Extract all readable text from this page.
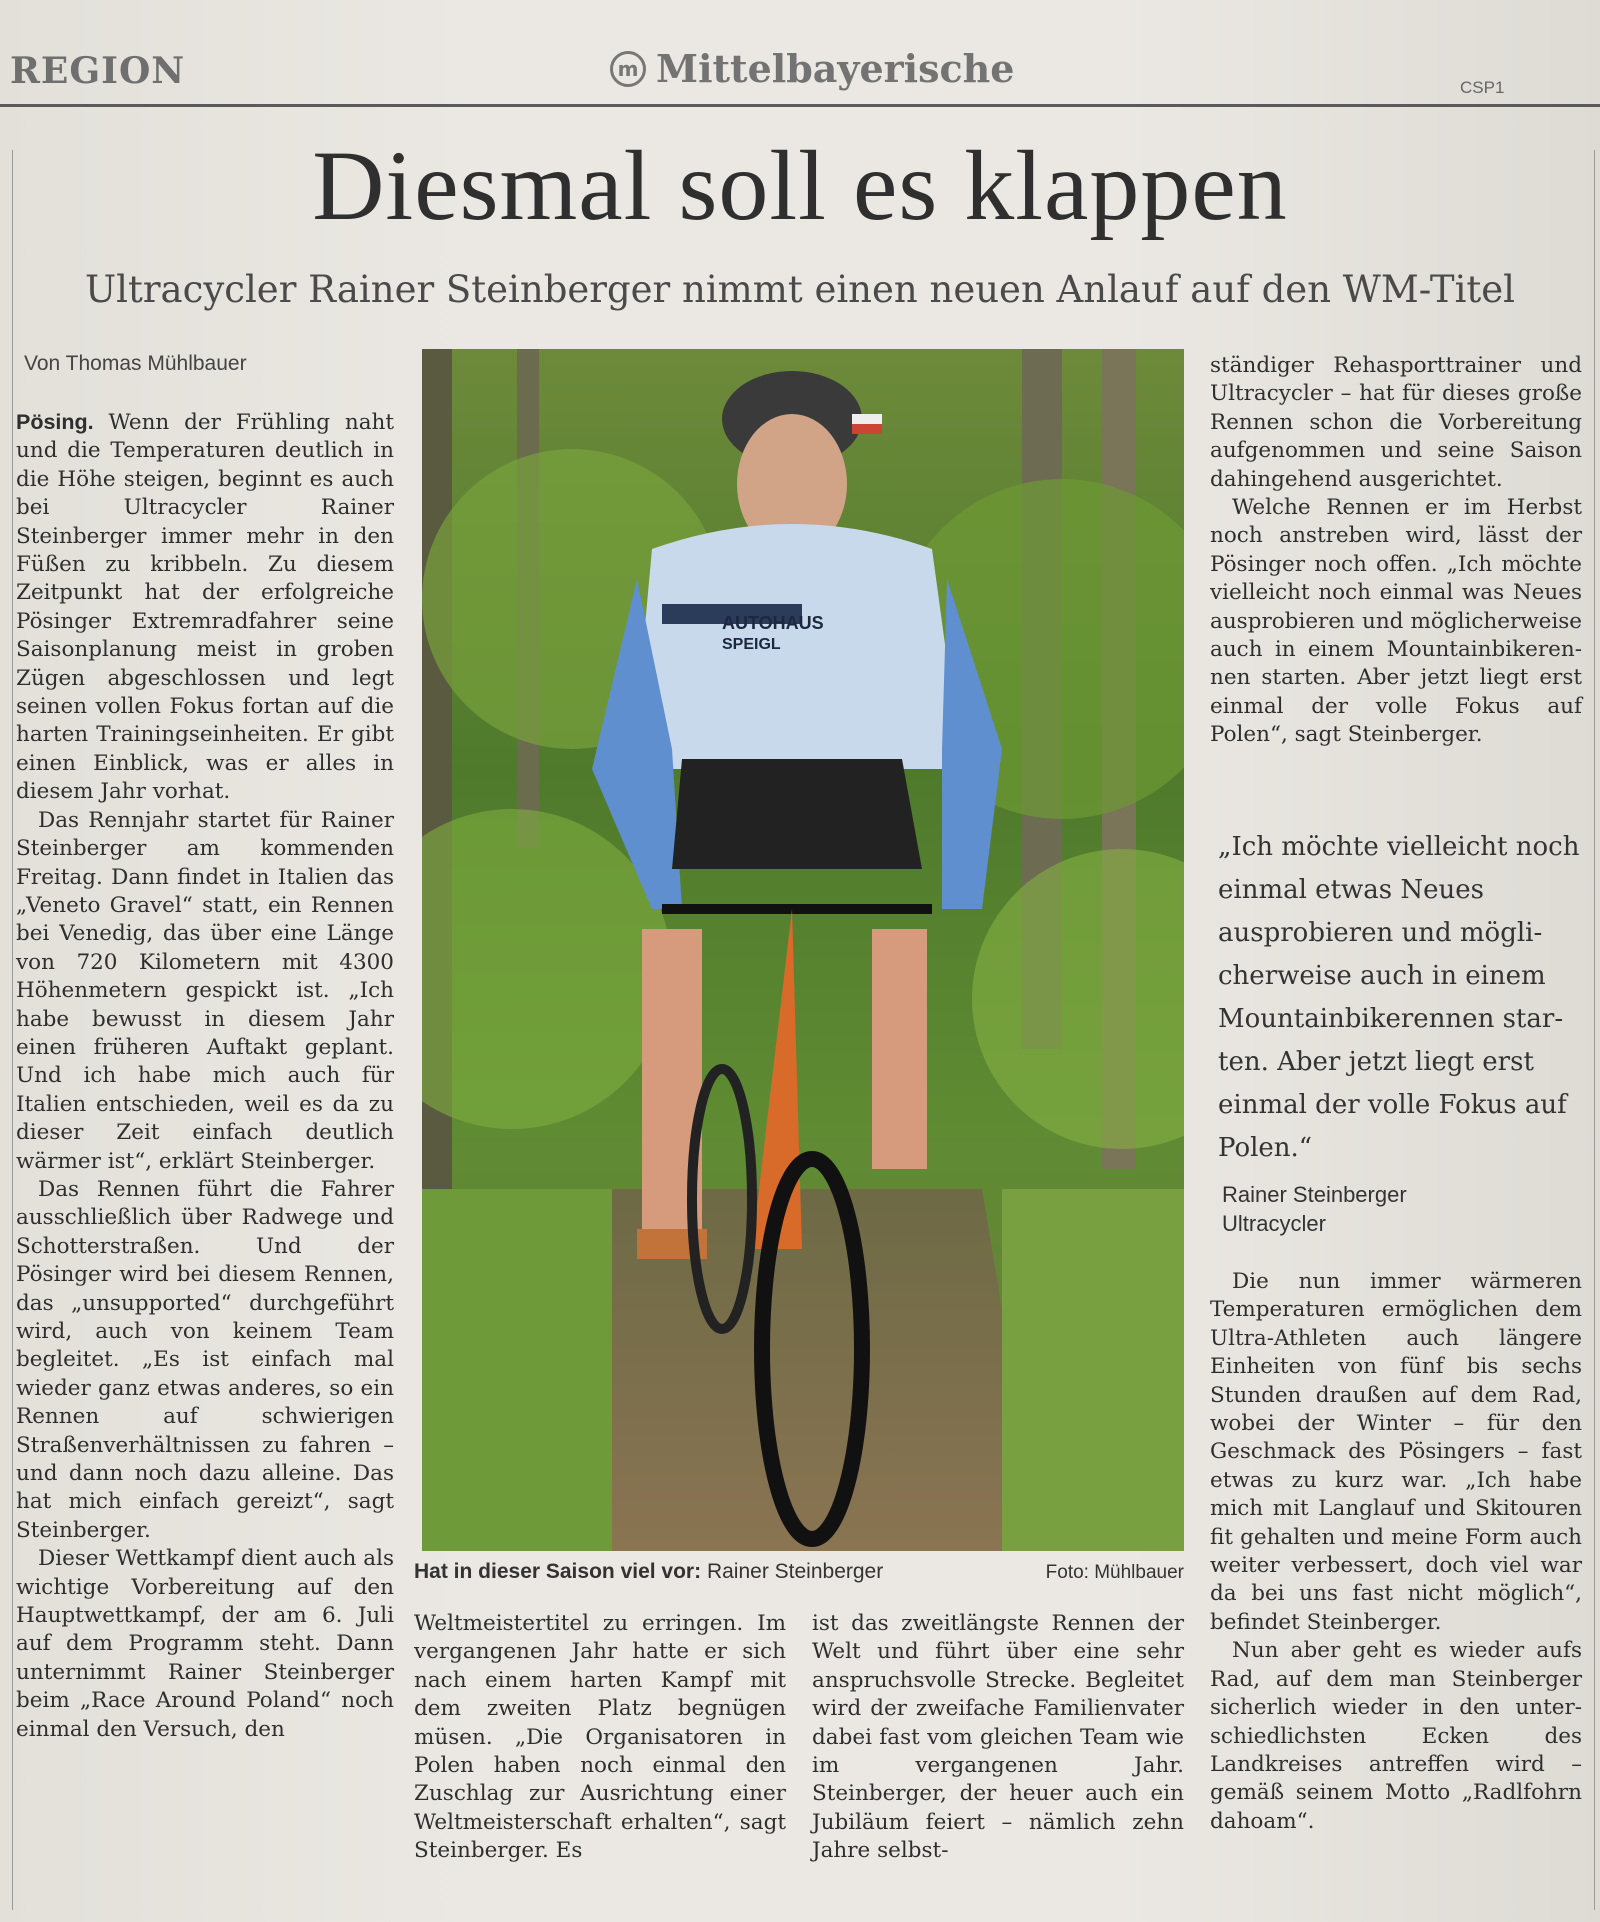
REGION	m Mittelbayerische	CSP1
Diesmal soll es klappen
Ultracycler Rainer Steinberger nimmt einen neuen Anlauf auf den WM-Titel
Von Thomas Mühlbauer

Pösing. Wenn der Frühling naht und die Temperaturen deutlich in die Höhe steigen, beginnt es auch bei Ultracycler Rainer Steinberger immer mehr in den Füßen zu kribbeln. Zu diesem Zeitpunkt hat der erfolgreiche Pösinger Extremradfahrer seine Saisonplanung meist in groben Zügen abgeschlossen und legt seinen vollen Fokus fortan auf die harten Trainingseinheiten. Er gibt einen Einblick, was er alles in diesem Jahr vorhat.

Das Rennjahr startet für Rainer Steinberger am kommenden Freitag. Dann findet in Italien das „Veneto Gravel“ statt, ein Rennen bei Venedig, das über eine Länge von 720 Kilometern mit 4300 Höhenmetern gespickt ist. „Ich habe bewusst in diesem Jahr einen früheren Auftakt geplant. Und ich habe mich auch für Italien entschieden, weil es da zu dieser Zeit einfach deutlich wärmer ist“, erklärt Steinberger.

Das Rennen führt die Fahrer ausschließlich über Radwege und Schotterstraßen. Und der Pösinger wird bei diesem Rennen, das „unsupported“ durchgeführt wird, auch von keinem Team begleitet. „Es ist einfach mal wieder ganz etwas anderes, so ein Rennen auf schwierigen Straßenverhältnissen zu fahren – und dann noch dazu alleine. Das hat mich einfach gereizt“, sagt Steinberger.

Dieser Wettkampf dient auch als wichtige Vorbereitung auf den Hauptwettkampf, der am 6. Juli auf dem Programm steht. Dann unternimmt Rainer Steinberger beim „Race Around Poland“ noch einmal den Versuch, den

AUTOHAUS
SPEIGL
Hat in dieser Saison viel vor: Rainer Steinberger	Foto: Mühlbauer

Weltmeistertitel zu erringen. Im vergangenen Jahr hatte er sich nach einem harten Kampf mit dem zweiten Platz begnügen müsen. „Die Organisatoren in Polen haben noch einmal den Zuschlag zur Ausrichtung einer Weltmeisterschaft erhalten“, sagt Steinberger. Es

ist das zweitlängste Rennen der Welt und führt über eine sehr anspruchsvolle Strecke. Begleitet wird der zweifache Familienvater dabei fast vom gleichen Team wie im vergangenen Jahr. Steinberger, der heuer auch ein Jubiläum feiert – nämlich zehn Jahre selbst-

ständiger Rehasporttrainer und Ultracycler – hat für dieses große Rennen schon die Vorbereitung aufgenommen und seine Saison dahingehend ausgerichtet.

Welche Rennen er im Herbst noch anstreben wird, lässt der Pösinger noch offen. „Ich möchte vielleicht noch einmal was Neues ausprobieren und möglicherweise auch in einem Mountainbikerennen starten. Aber jetzt liegt erst einmal der volle Fokus auf Polen“, sagt Steinberger.

„Ich möchte vielleicht noch einmal etwas Neues ausprobieren und möglicherweise auch in einem Mountainbikerennen starten. Aber jetzt liegt erst einmal der volle Fokus auf Polen.“
Rainer Steinberger
Ultracycler

Die nun immer wärmeren Temperaturen ermöglichen dem Ultra-Athleten auch längere Einheiten von fünf bis sechs Stunden draußen auf dem Rad, wobei der Winter – für den Geschmack des Pösingers – fast etwas zu kurz war. „Ich habe mich mit Langlauf und Skitouren fit gehalten und meine Form auch weiter verbessert, doch viel war da bei uns fast nicht möglich“, befindet Steinberger.

Nun aber geht es wieder aufs Rad, auf dem man Steinberger sicherlich wieder in den unterschiedlichsten Ecken des Landkreises antreffen wird – gemäß seinem Motto „Radlfohrn dahoam“.
